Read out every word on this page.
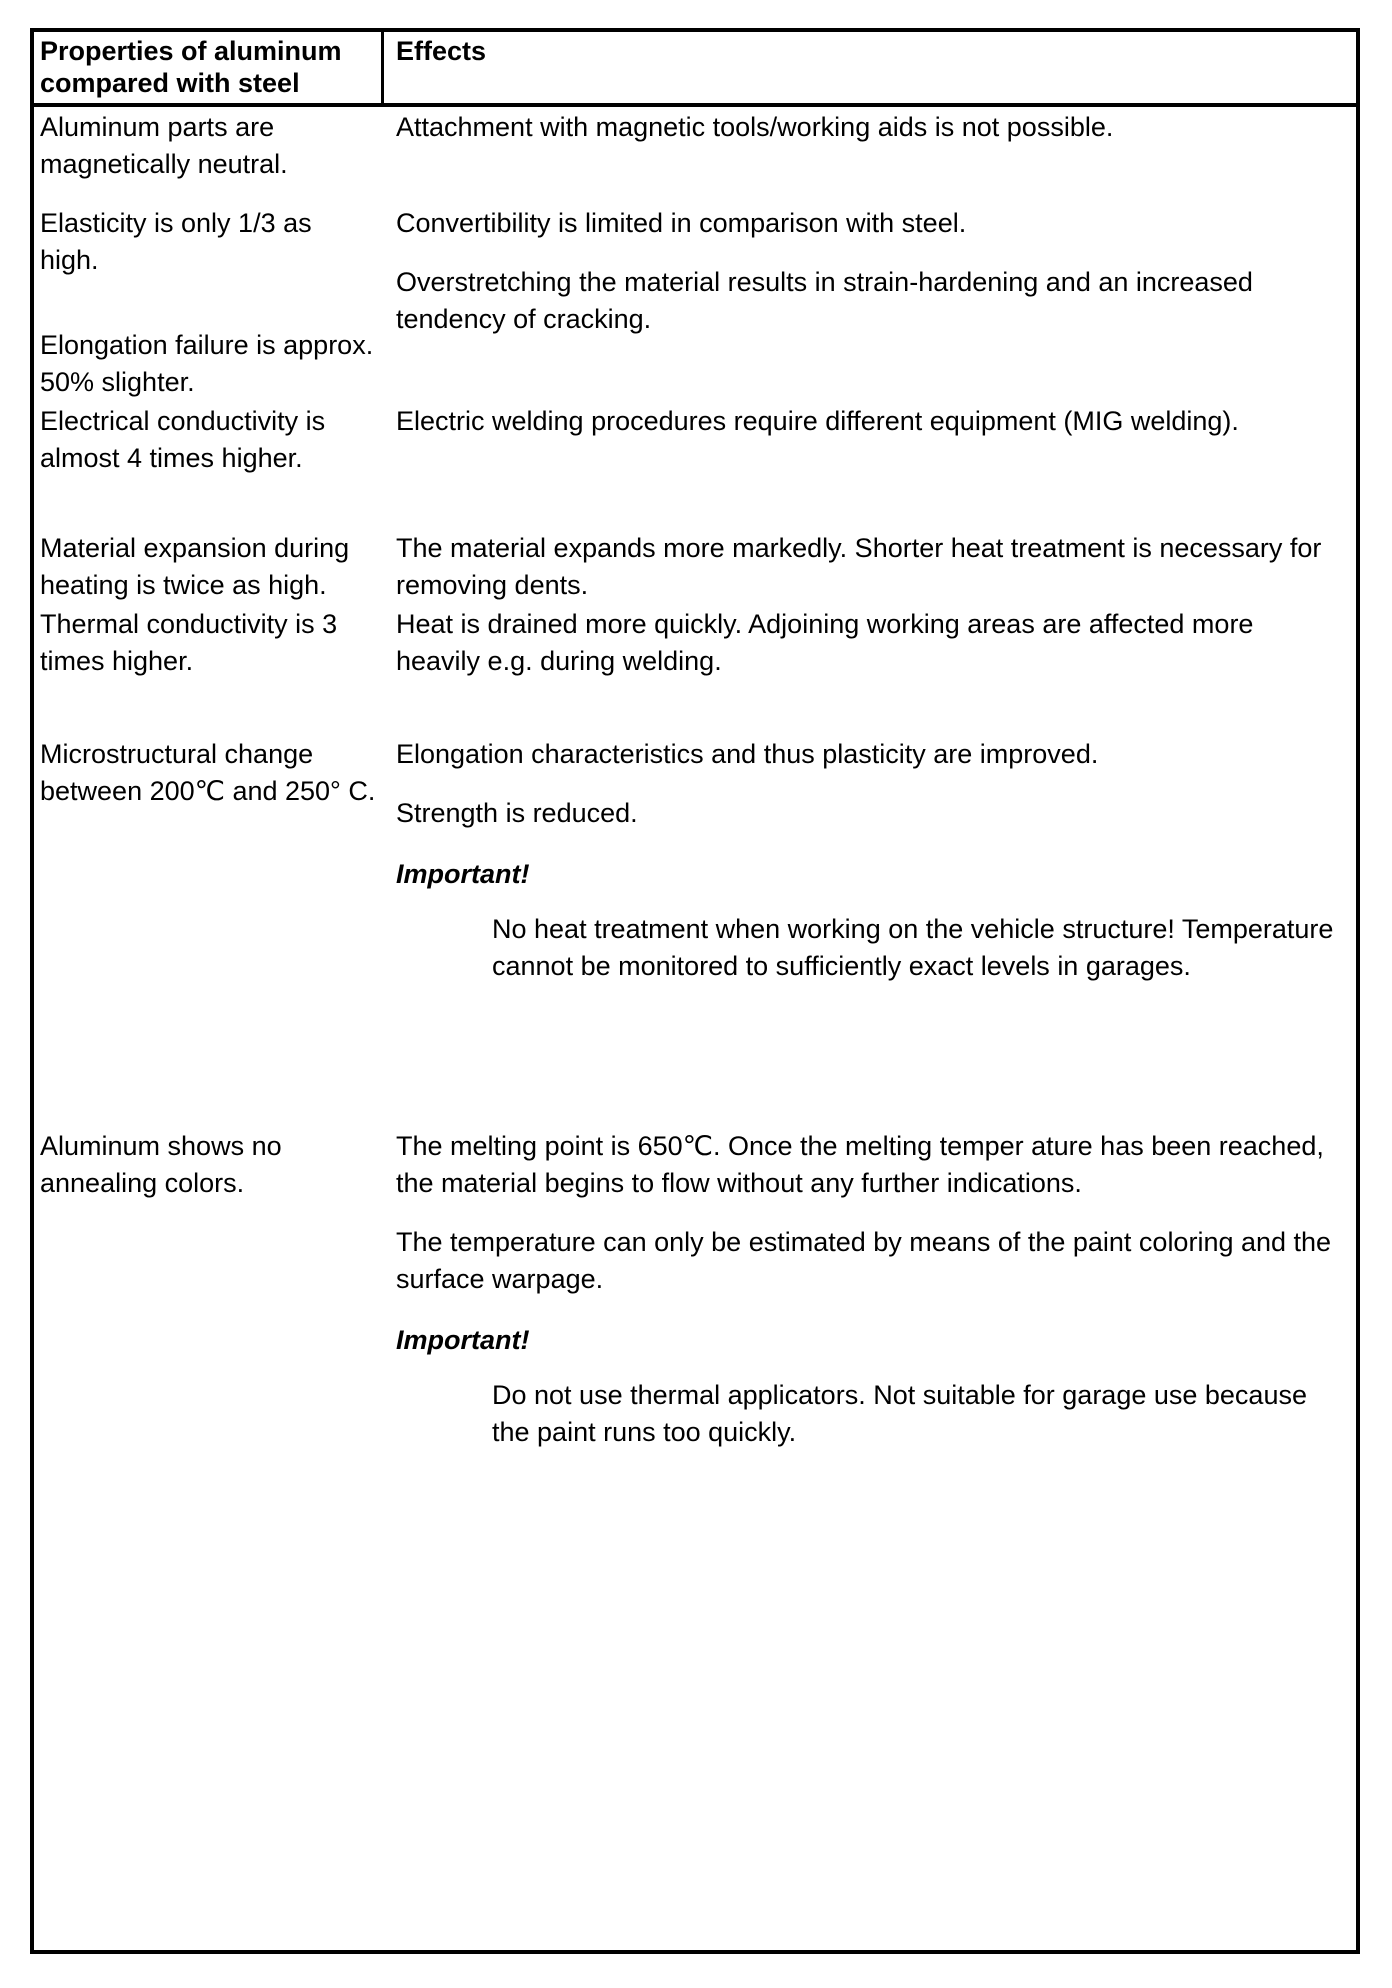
Properties of aluminum compared with steel
Effects

Aluminum parts are magnetically neutral.

Attachment with magnetic tools/working aids is not possible.

Elasticity is only 1/3 as high.

Elongation failure is approx. 50% slighter.

Convertibility is limited in comparison with steel.

Overstretching the material results in strain-hardening and an increased tendency of cracking.

Electrical conductivity is almost 4 times higher.

Electric welding procedures require different equipment (MIG welding).

Material expansion during heating is twice as high.

The material expands more markedly. Shorter heat treatment is necessary for removing dents.

Thermal conductivity is 3 times higher.

Heat is drained more quickly. Adjoining working areas are affected more heavily e.g. during welding.

Microstructural change between 200℃ and 250° C.

Elongation characteristics and thus plasticity are improved.

Strength is reduced.

Important!

No heat treatment when working on the vehicle structure! Temperature cannot be monitored to sufficiently exact levels in garages.

Aluminum shows no annealing colors.

The melting point is 650℃. Once the melting temper ature has been reached, the material begins to flow without any further indications.

The temperature can only be estimated by means of the paint coloring and the surface warpage.

Important!

Do not use thermal applicators. Not suitable for garage use because the paint runs too quickly.
